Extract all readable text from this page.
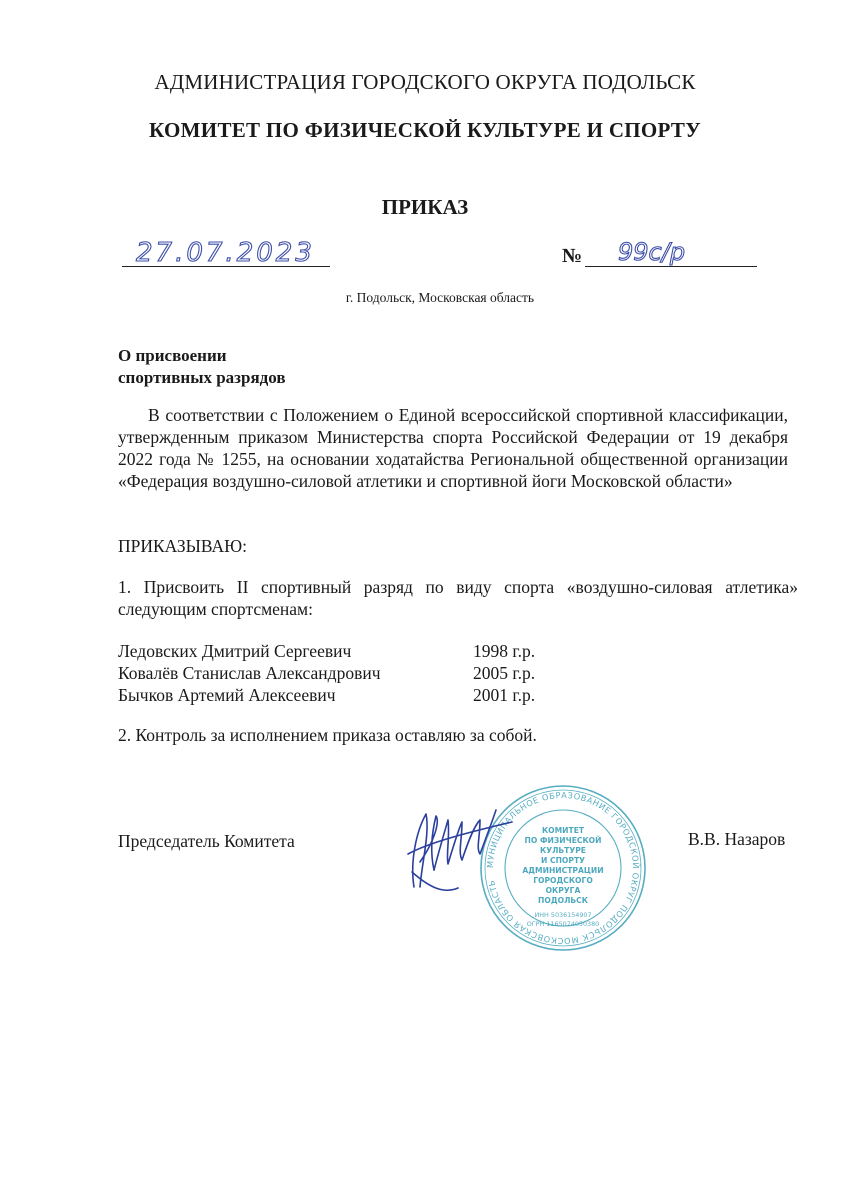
АДМИНИСТРАЦИЯ ГОРОДСКОГО ОКРУГА ПОДОЛЬСК
КОМИТЕТ ПО ФИЗИЧЕСКОЙ КУЛЬТУРЕ И СПОРТУ
ПРИКАЗ
27.07.2023	№ 99с/р
г. Подольск, Московская область
О присвоении
спортивных разрядов
В соответствии с Положением о Единой всероссийской спортивной классификации, утвержденным приказом Министерства спорта Российской Федерации от 19 декабря 2022 года № 1255, на основании ходатайства Региональной общественной организации «Федерация воздушно-силовой атлетики и спортивной йоги Московской области»
ПРИКАЗЫВАЮ:
1. Присвоить II спортивный разряд по виду спорта «воздушно-силовая атлетика» следующим спортсменам:
Ледовских Дмитрий Сергеевич	1998 г.р.
Ковалёв Станислав Александрович	2005 г.р.
Бычков Артемий Алексеевич	2001 г.р.
2. Контроль за исполнением приказа оставляю за собой.
Председатель Комитета	В.В. Назаров
МУНИЦИПАЛЬНОЕ ОБРАЗОВАНИЕ ГОРОДСКОЙ ОКРУГ ПОДОЛЬСК МОСКОВСКАЯ ОБЛАСТЬ
КОМИТЕТ
ПО ФИЗИЧЕСКОЙ
КУЛЬТУРЕ
И СПОРТУ
АДМИНИСТРАЦИИ
ГОРОДСКОГО
ОКРУГА
ПОДОЛЬСК
ИНН 5036154907
ОГРН 1165074050380
